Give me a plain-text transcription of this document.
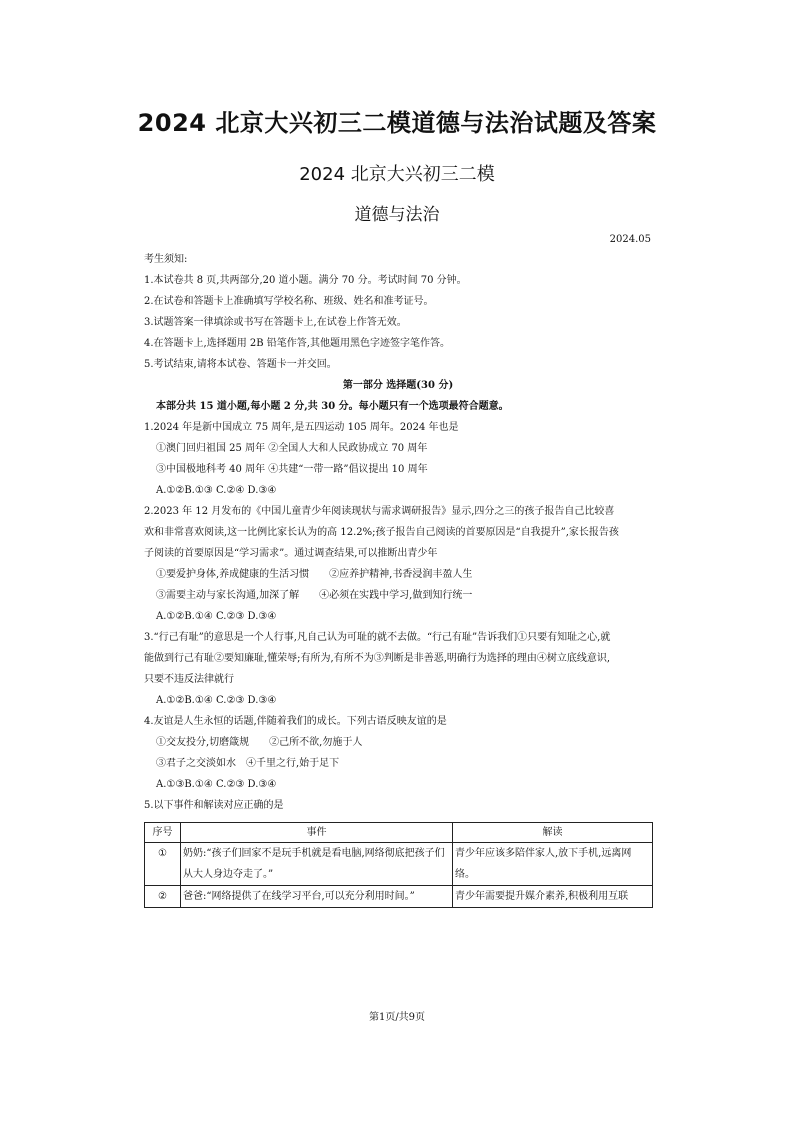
2024 北京大兴初三二模道德与法治试题及答案
2024 北京大兴初三二模
道德与法治
2024.05
考生须知:
1.本试卷共 8 页,共两部分,20 道小题。满分 70 分。考试时间 70 分钟。
2.在试卷和答题卡上准确填写学校名称、班级、姓名和准考证号。
3.试题答案一律填涂或书写在答题卡上,在试卷上作答无效。
4.在答题卡上,选择题用 2B 铅笔作答,其他题用黑色字迹签字笔作答。
5.考试结束,请将本试卷、答题卡一并交回。
第一部分 选择题(30 分)
本部分共 15 道小题,每小题 2 分,共 30 分。每小题只有一个选项最符合题意。
1.2024 年是新中国成立 75 周年,是五四运动 105 周年。2024 年也是
①澳门回归祖国 25 周年 ②全国人大和人民政协成立 70 周年
③中国极地科考 40 周年 ④共建“一带一路”倡议提出 10 周年
A.①②B.①③ C.②④ D.③④
2.2023 年 12 月发布的《中国儿童青少年阅读现状与需求调研报告》显示,四分之三的孩子报告自己比较喜
欢和非常喜欢阅读,这一比例比家长认为的高 12.2%;孩子报告自己阅读的首要原因是“自我提升”,家长报告孩
子阅读的首要原因是“学习需求”。通过调查结果,可以推断出青少年
①要爱护身体,养成健康的生活习惯　　②应养护精神,书香浸润丰盈人生
③需要主动与家长沟通,加深了解　　④必须在实践中学习,做到知行统一
A.①②B.①④ C.②③ D.③④
3.“行己有耻”的意思是一个人行事,凡自己认为可耻的就不去做。“行己有耻”告诉我们①只要有知耻之心,就
能做到行己有耻②要知廉耻,懂荣辱;有所为,有所不为③判断是非善恶,明确行为选择的理由④树立底线意识,
只要不违反法律就行
A.①②B.①④ C.②③ D.③④
4.友谊是人生永恒的话题,伴随着我们的成长。下列古语反映友谊的是
①交友投分,切磨箴规　　②己所不欲,勿施于人
③君子之交淡如水　④千里之行,始于足下
A.①③B.①④ C.②③ D.③④
5.以下事件和解读对应正确的是
序号	事件	解读
①	奶奶:“孩子们回家不是玩手机就是看电脑,网络彻底把孩子们从大人身边夺走了。”	青少年应该多陪伴家人,放下手机,远离网络。
②	爸爸:“网络提供了在线学习平台,可以充分利用时间。”	青少年需要提升媒介素养,积极利用互联
第1页/共9页
